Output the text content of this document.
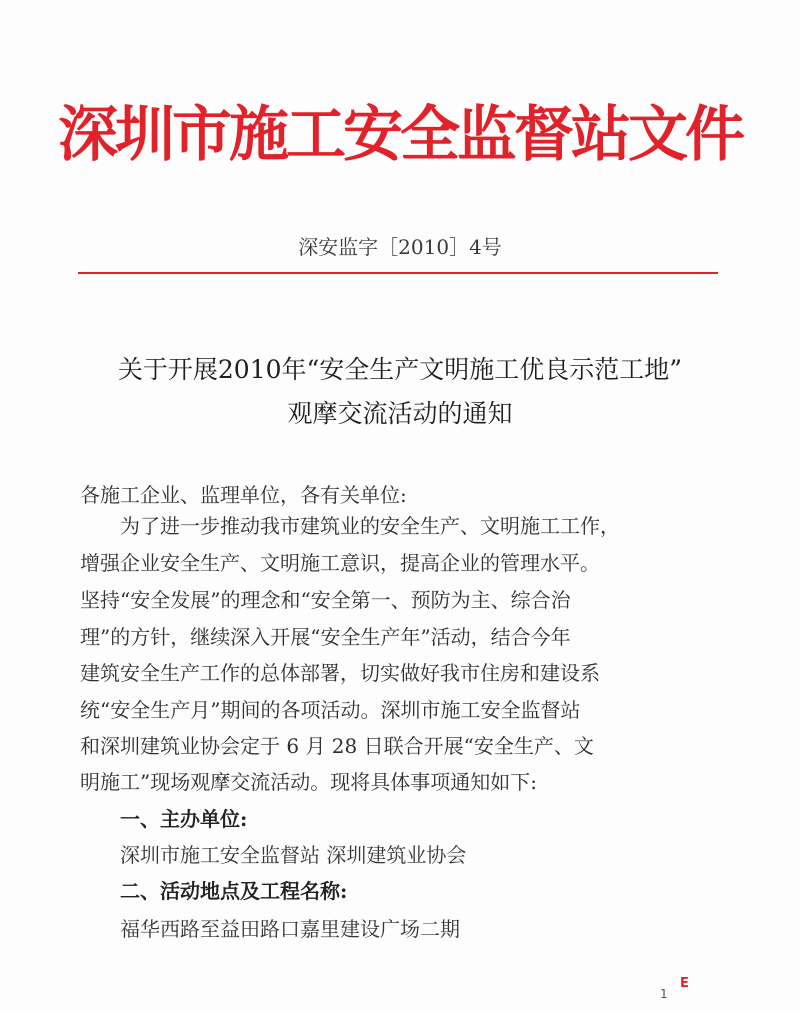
深圳市施工安全监督站文件
深安监字［2010］4号
关于开展2010年“安全生产文明施工优良示范工地”
观摩交流活动的通知
各施工企业、监理单位，各有关单位:
为了进一步推动我市建筑业的安全生产、文明施工工作，
增强企业安全生产、文明施工意识，提高企业的管理水平。
坚持“安全发展”的理念和“安全第一、预防为主、综合治
理”的方针，继续深入开展“安全生产年”活动，结合今年
建筑安全生产工作的总体部署，切实做好我市住房和建设系
统“安全生产月”期间的各项活动。深圳市施工安全监督站
和深圳建筑业协会定于 6 月 28 日联合开展“安全生产、文
明施工”现场观摩交流活动。现将具体事项通知如下:
一、主办单位:
深圳市施工安全监督站 深圳建筑业协会
二、活动地点及工程名称:
福华西路至益田路口嘉里建设广场二期
1
E
